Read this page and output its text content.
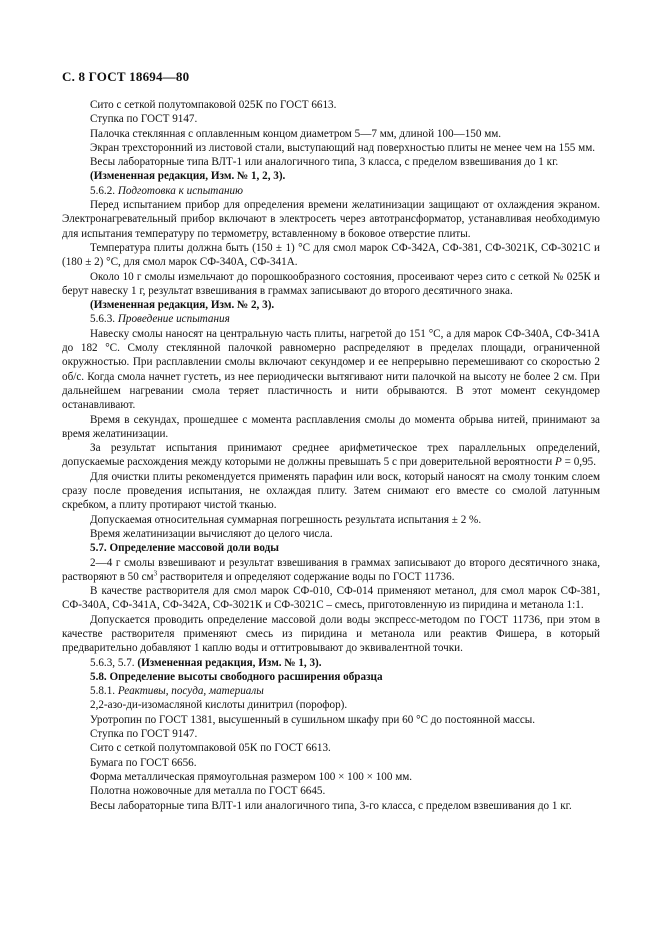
С. 8 ГОСТ 18694—80

Сито с сеткой полутомпаковой 025К по ГОСТ 6613.

Ступка по ГОСТ 9147.

Палочка стеклянная с оплавленным концом диаметром 5—7 мм, длиной 100—150 мм.

Экран трехсторонний из листовой стали, выступающий над поверхностью плиты не менее чем на 155 мм.

Весы лабораторные типа ВЛТ-1 или аналогичного типа, 3 класса, с пределом взвешивания до 1 кг.

(Измененная редакция, Изм. № 1, 2, 3).

5.6.2. Подготовка к испытанию

Перед испытанием прибор для определения времени желатинизации защищают от охлаждения экраном. Электронагревательный прибор включают в электросеть через автотрансформатор, устанавливая необходимую для испытания температуру по термометру, вставленному в боковое отверстие плиты.

Температура плиты должна быть (150 ± 1) °С для смол марок СФ-342А, СФ-381, СФ-3021К, СФ-3021С и (180 ± 2) °С, для смол марок СФ-340А, СФ-341А.

Около 10 г смолы измельчают до порошкообразного состояния, просеивают через сито с сеткой № 025К и берут навеску 1 г, результат взвешивания в граммах записывают до второго десятичного знака.

(Измененная редакция, Изм. № 2, 3).

5.6.3. Проведение испытания

Навеску смолы наносят на центральную часть плиты, нагретой до 151 °С, а для марок СФ-340А, СФ-341А до 182 °С. Смолу стеклянной палочкой равномерно распределяют в пределах площади, ограниченной окружностью. При расплавлении смолы включают секундомер и ее непрерывно перемешивают со скоростью 2 об/с. Когда смола начнет густеть, из нее периодически вытягивают нити палочкой на высоту не более 2 см. При дальнейшем нагревании смола теряет пластичность и нити обрываются. В этот момент секундомер останавливают.

Время в секундах, прошедшее с момента расплавления смолы до момента обрыва нитей, принимают за время желатинизации.

За результат испытания принимают среднее арифметическое трех параллельных определений, допускаемые расхождения между которыми не должны превышать 5 с при доверительной вероятности P = 0,95.

Для очистки плиты рекомендуется применять парафин или воск, который наносят на смолу тонким слоем сразу после проведения испытания, не охлаждая плиту. Затем снимают его вместе со смолой латунным скребком, а плиту протирают чистой тканью.

Допускаемая относительная суммарная погрешность результата испытания ± 2 %.

Время желатинизации вычисляют до целого числа.

5.7. Определение массовой доли воды

2—4 г смолы взвешивают и результат взвешивания в граммах записывают до второго десятичного знака, растворяют в 50 $см^3$ растворителя и определяют содержание воды по ГОСТ 11736.

В качестве растворителя для смол марок СФ-010, СФ-014 применяют метанол, для смол марок СФ-381, СФ-340А, СФ-341А, СФ-342А, СФ-3021К и СФ-3021С – смесь, приготовленную из пиридина и метанола 1:1.

Допускается проводить определение массовой доли воды экспресс-методом по ГОСТ 11736, при этом в качестве растворителя применяют смесь из пиридина и метанола или реактив Фишера, в который предварительно добавляют 1 каплю воды и оттитровывают до эквивалентной точки.

5.6.3, 5.7. (Измененная редакция, Изм. № 1, 3).

5.8. Определение высоты свободного расширения образца

5.8.1. Реактивы, посуда, материалы

2,2-азо-ди-изомасляной кислоты динитрил (порофор).

Уротропин по ГОСТ 1381, высушенный в сушильном шкафу при 60 °С до постоянной массы.

Ступка по ГОСТ 9147.

Сито с сеткой полутомпаковой 05К по ГОСТ 6613.

Бумага по ГОСТ 6656.

Форма металлическая прямоугольная размером 100 × 100 × 100 мм.

Полотна ножовочные для металла по ГОСТ 6645.

Весы лабораторные типа ВЛТ-1 или аналогичного типа, 3-го класса, с пределом взвешивания до 1 кг.
